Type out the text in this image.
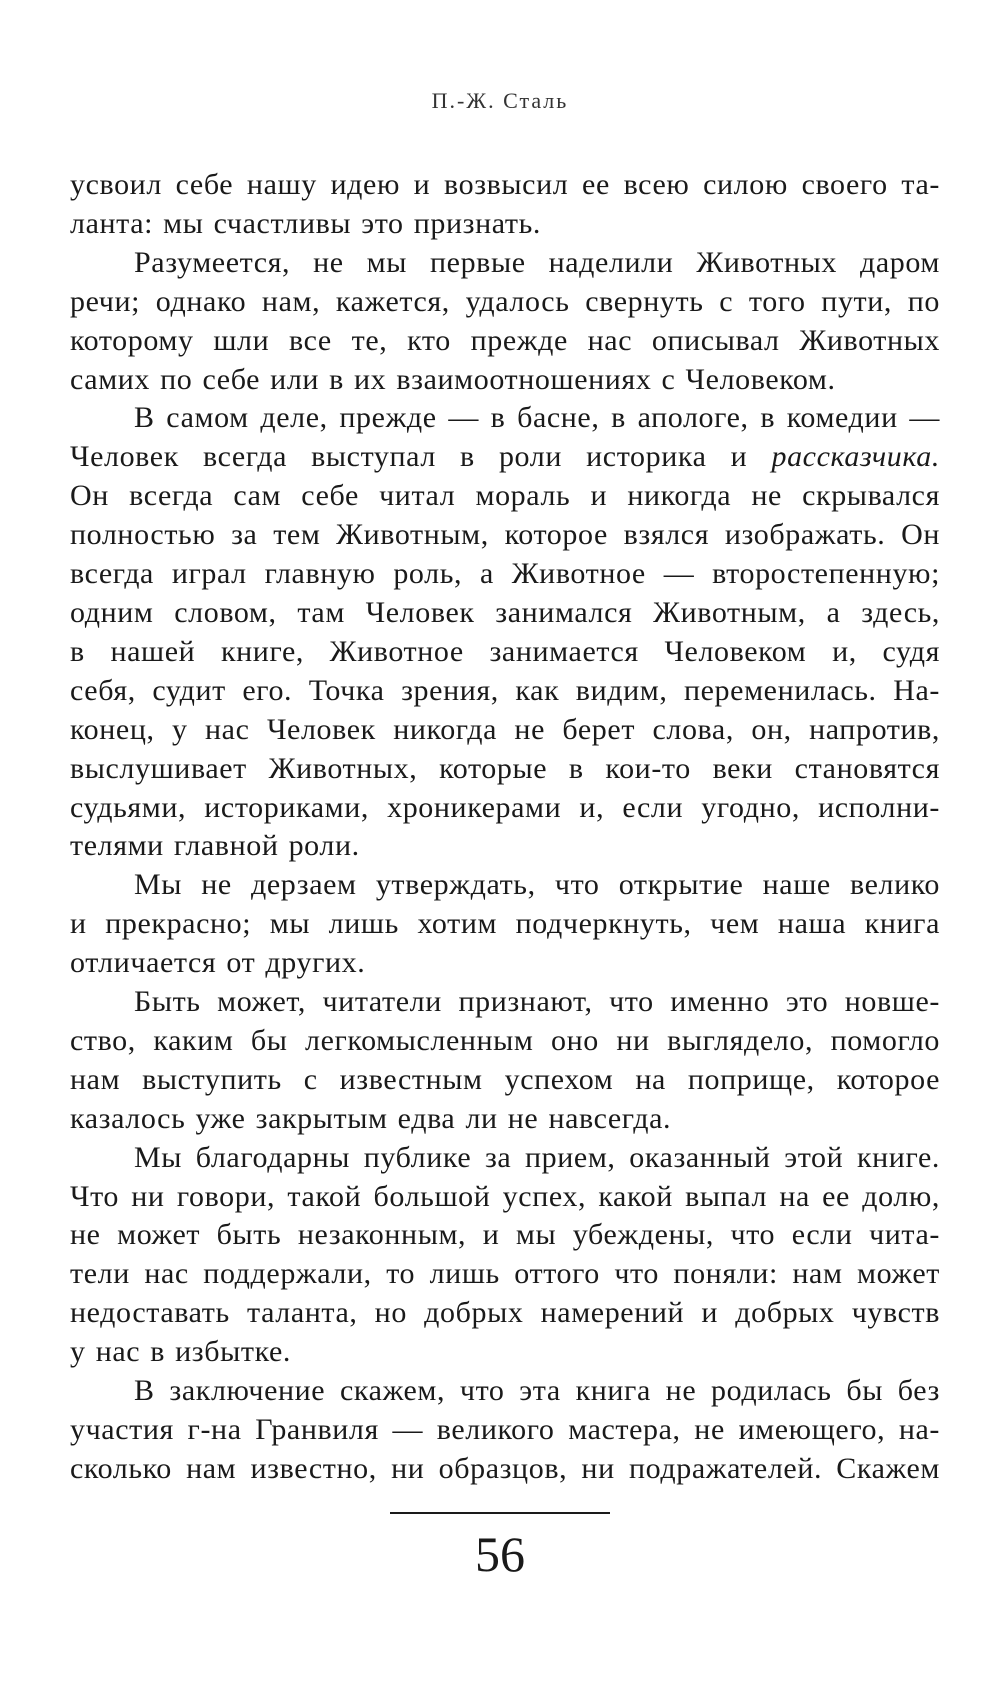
П.-Ж. Сталь

усвоил себе нашу идею и возвысил ее всею силою своего та-

ланта: мы счастливы это признать.

Разумеется, не мы первые наделили Животных даром

речи; однако нам, кажется, удалось свернуть с того пути, по

которому шли все те, кто прежде нас описывал Животных

самих по себе или в их взаимоотношениях с Человеком.

В самом деле, прежде — в басне, в апологе, в комедии —

Человек всегда выступал в роли историка и рассказчика.

Он всегда сам себе читал мораль и никогда не скрывался

полностью за тем Животным, которое взялся изображать. Он

всегда играл главную роль, а Животное — второстепенную;

одним словом, там Человек занимался Животным, а здесь,

в нашей книге, Животное занимается Человеком и, судя

себя, судит его. Точка зрения, как видим, переменилась. На-

конец, у нас Человек никогда не берет слова, он, напротив,

выслушивает Животных, которые в кои-то веки становятся

судьями, историками, хроникерами и, если угодно, исполни-

телями главной роли.

Мы не дерзаем утверждать, что открытие наше велико

и прекрасно; мы лишь хотим подчеркнуть, чем наша книга

отличается от других.

Быть может, читатели признают, что именно это новше-

ство, каким бы легкомысленным оно ни выглядело, помогло

нам выступить с известным успехом на поприще, которое

казалось уже закрытым едва ли не навсегда.

Мы благодарны публике за прием, оказанный этой книге.

Что ни говори, такой большой успех, какой выпал на ее долю,

не может быть незаконным, и мы убеждены, что если чита-

тели нас поддержали, то лишь оттого что поняли: нам может

недоставать таланта, но добрых намерений и добрых чувств

у нас в избытке.

В заключение скажем, что эта книга не родилась бы без

участия г-на Гранвиля — великого мастера, не имеющего, на-

сколько нам известно, ни образцов, ни подражателей. Скажем

56
